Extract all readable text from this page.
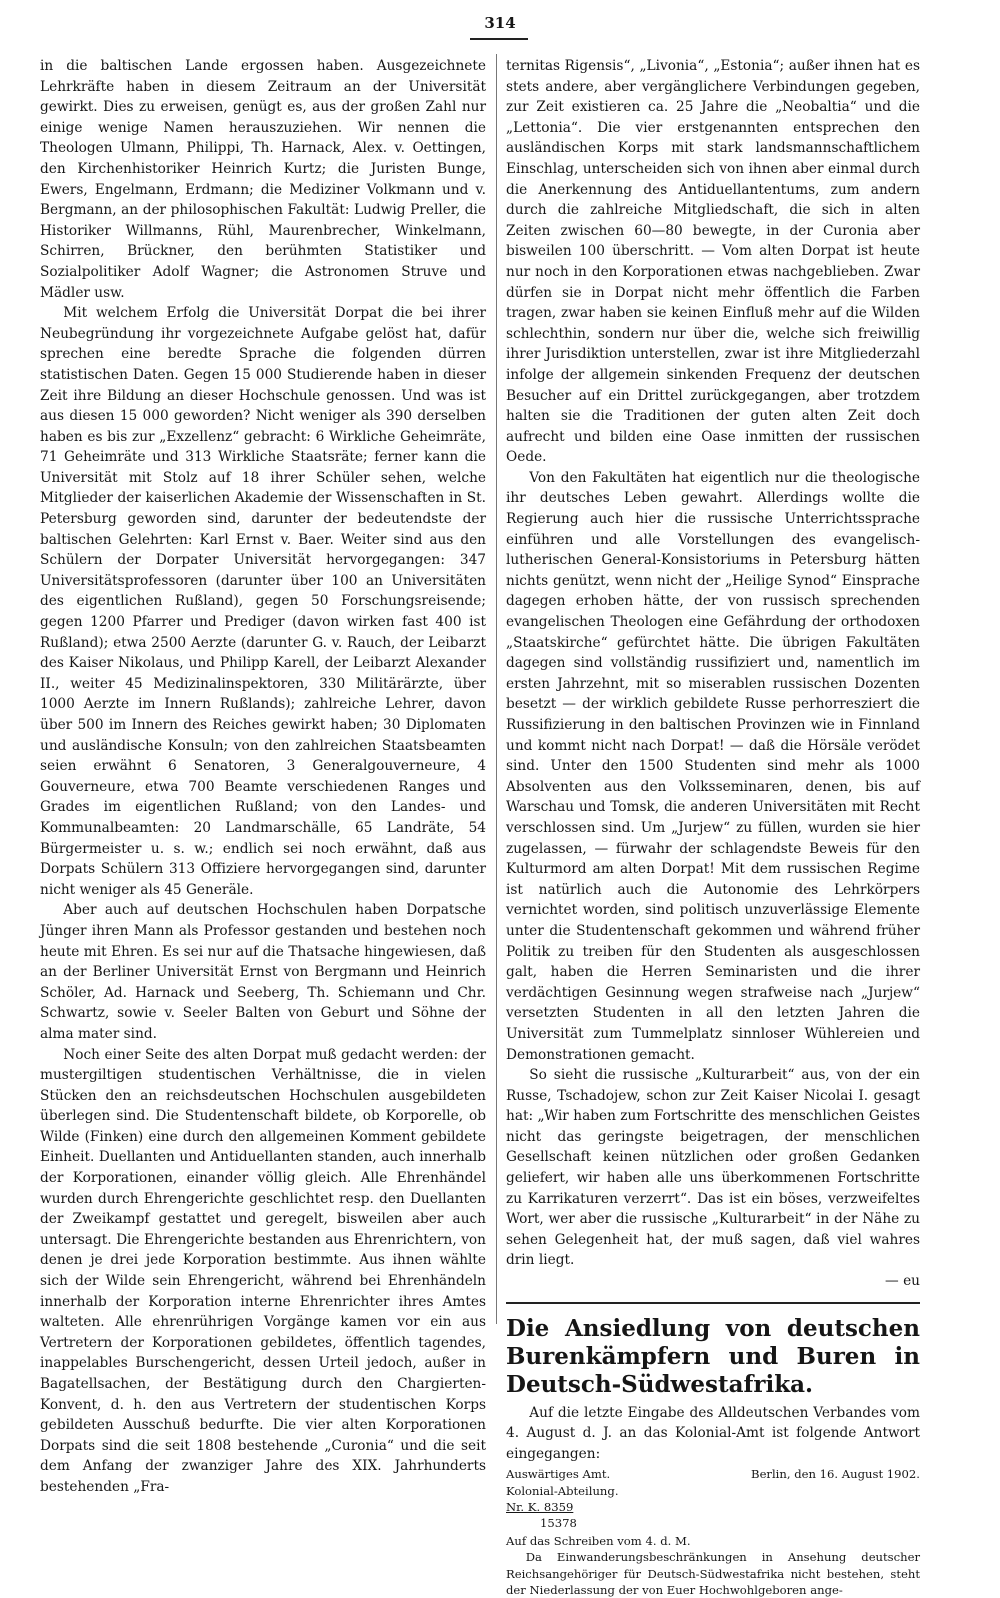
314

in die baltischen Lande ergossen haben. Ausgezeichnete Lehrkräfte haben in diesem Zeitraum an der Universität gewirkt. Dies zu erweisen, genügt es, aus der großen Zahl nur einige wenige Namen herauszuziehen. Wir nennen die Theologen Ulmann, Philippi, Th. Harnack, Alex. v. Oettingen, den Kirchenhistoriker Heinrich Kurtz; die Juristen Bunge, Ewers, Engelmann, Erdmann; die Mediziner Volkmann und v. Bergmann, an der philosophischen Fakultät: Ludwig Preller, die Historiker Willmanns, Rühl, Maurenbrecher, Winkelmann, Schirren, Brückner, den berühmten Statistiker und Sozialpolitiker Adolf Wagner; die Astronomen Struve und Mädler usw.

Mit welchem Erfolg die Universität Dorpat die bei ihrer Neubegründung ihr vorgezeichnete Aufgabe gelöst hat, dafür sprechen eine beredte Sprache die folgenden dürren statistischen Daten. Gegen 15 000 Studierende haben in dieser Zeit ihre Bildung an dieser Hochschule genossen. Und was ist aus diesen 15 000 geworden? Nicht weniger als 390 derselben haben es bis zur „Exzellenz“ gebracht: 6 Wirkliche Geheimräte, 71 Geheimräte und 313 Wirkliche Staatsräte; ferner kann die Universität mit Stolz auf 18 ihrer Schüler sehen, welche Mitglieder der kaiserlichen Akademie der Wissenschaften in St. Petersburg geworden sind, darunter der bedeutendste der baltischen Gelehrten: Karl Ernst v. Baer. Weiter sind aus den Schülern der Dorpater Universität hervorgegangen: 347 Universitätsprofessoren (darunter über 100 an Universitäten des eigentlichen Rußland), gegen 50 Forschungsreisende; gegen 1200 Pfarrer und Prediger (davon wirken fast 400 ist Rußland); etwa 2500 Aerzte (darunter G. v. Rauch, der Leibarzt des Kaiser Nikolaus, und Philipp Karell, der Leibarzt Alexander II., weiter 45 Medizinalinspektoren, 330 Militärärzte, über 1000 Aerzte im Innern Rußlands); zahlreiche Lehrer, davon über 500 im Innern des Reiches gewirkt haben; 30 Diplomaten und ausländische Konsuln; von den zahlreichen Staatsbeamten seien erwähnt 6 Senatoren, 3 Generalgouverneure, 4 Gouverneure, etwa 700 Beamte verschiedenen Ranges und Grades im eigentlichen Rußland; von den Landes- und Kommunalbeamten: 20 Landmarschälle, 65 Landräte, 54 Bürgermeister u. s. w.; endlich sei noch erwähnt, daß aus Dorpats Schülern 313 Offiziere hervorgegangen sind, darunter nicht weniger als 45 Generäle.

Aber auch auf deutschen Hochschulen haben Dorpatsche Jünger ihren Mann als Professor gestanden und bestehen noch heute mit Ehren. Es sei nur auf die Thatsache hingewiesen, daß an der Berliner Universität Ernst von Bergmann und Heinrich Schöler, Ad. Harnack und Seeberg, Th. Schiemann und Chr. Schwartz, sowie v. Seeler Balten von Geburt und Söhne der alma mater sind.

Noch einer Seite des alten Dorpat muß gedacht werden: der mustergiltigen studentischen Verhältnisse, die in vielen Stücken den an reichsdeutschen Hochschulen ausgebildeten überlegen sind. Die Studentenschaft bildete, ob Korporelle, ob Wilde (Finken) eine durch den allgemeinen Komment gebildete Einheit. Duellanten und Antiduellanten standen, auch innerhalb der Korporationen, einander völlig gleich. Alle Ehrenhändel wurden durch Ehrengerichte geschlichtet resp. den Duellanten der Zweikampf gestattet und geregelt, bisweilen aber auch untersagt. Die Ehrengerichte bestanden aus Ehrenrichtern, von denen je drei jede Korporation bestimmte. Aus ihnen wählte sich der Wilde sein Ehrengericht, während bei Ehrenhändeln innerhalb der Korporation interne Ehrenrichter ihres Amtes walteten. Alle ehrenrührigen Vorgänge kamen vor ein aus Vertretern der Korporationen gebildetes, öffentlich tagendes, inappelables Burschengericht, dessen Urteil jedoch, außer in Bagatellsachen, der Bestätigung durch den Chargierten-Konvent, d. h. den aus Vertretern der studentischen Korps gebildeten Ausschuß bedurfte. Die vier alten Korporationen Dorpats sind die seit 1808 bestehende „Curonia“ und die seit dem Anfang der zwanziger Jahre des XIX. Jahrhunderts bestehenden „Fra-

ternitas Rigensis“, „Livonia“, „Estonia“; außer ihnen hat es stets andere, aber vergänglichere Verbindungen gegeben, zur Zeit existieren ca. 25 Jahre die „Neobaltia“ und die „Lettonia“. Die vier erstgenannten entsprechen den ausländischen Korps mit stark landsmannschaftlichem Einschlag, unterscheiden sich von ihnen aber einmal durch die Anerkennung des Antiduellantentums, zum andern durch die zahlreiche Mitgliedschaft, die sich in alten Zeiten zwischen 60—80 bewegte, in der Curonia aber bisweilen 100 überschritt. — Vom alten Dorpat ist heute nur noch in den Korporationen etwas nachgeblieben. Zwar dürfen sie in Dorpat nicht mehr öffentlich die Farben tragen, zwar haben sie keinen Einfluß mehr auf die Wilden schlechthin, sondern nur über die, welche sich freiwillig ihrer Jurisdiktion unterstellen, zwar ist ihre Mitgliederzahl infolge der allgemein sinkenden Frequenz der deutschen Besucher auf ein Drittel zurückgegangen, aber trotzdem halten sie die Traditionen der guten alten Zeit doch aufrecht und bilden eine Oase inmitten der russischen Oede.

Von den Fakultäten hat eigentlich nur die theologische ihr deutsches Leben gewahrt. Allerdings wollte die Regierung auch hier die russische Unterrichtssprache einführen und alle Vorstellungen des evangelisch-lutherischen General-Konsistoriums in Petersburg hätten nichts genützt, wenn nicht der „Heilige Synod“ Einsprache dagegen erhoben hätte, der von russisch sprechenden evangelischen Theologen eine Gefährdung der orthodoxen „Staatskirche“ gefürchtet hätte. Die übrigen Fakultäten dagegen sind vollständig russifiziert und, namentlich im ersten Jahrzehnt, mit so miserablen russischen Dozenten besetzt — der wirklich gebildete Russe perhorresziert die Russifizierung in den baltischen Provinzen wie in Finnland und kommt nicht nach Dorpat! — daß die Hörsäle verödet sind. Unter den 1500 Studenten sind mehr als 1000 Absolventen aus den Volksseminaren, denen, bis auf Warschau und Tomsk, die anderen Universitäten mit Recht verschlossen sind. Um „Jurjew“ zu füllen, wurden sie hier zugelassen, — fürwahr der schlagendste Beweis für den Kulturmord am alten Dorpat! Mit dem russischen Regime ist natürlich auch die Autonomie des Lehrkörpers vernichtet worden, sind politisch unzuverlässige Elemente unter die Studentenschaft gekommen und während früher Politik zu treiben für den Studenten als ausgeschlossen galt, haben die Herren Seminaristen und die ihrer verdächtigen Gesinnung wegen strafweise nach „Jurjew“ versetzten Studenten in all den letzten Jahren die Universität zum Tummelplatz sinnloser Wühlereien und Demonstrationen gemacht.

So sieht die russische „Kulturarbeit“ aus, von der ein Russe, Tschadojew, schon zur Zeit Kaiser Nicolai I. gesagt hat: „Wir haben zum Fortschritte des menschlichen Geistes nicht das geringste beigetragen, der menschlichen Gesellschaft keinen nützlichen oder großen Gedanken geliefert, wir haben alle uns überkommenen Fortschritte zu Karrikaturen verzerrt“. Das ist ein böses, verzweifeltes Wort, wer aber die russische „Kulturarbeit“ in der Nähe zu sehen Gelegenheit hat, der muß sagen, daß viel wahres drin liegt.

— eu

Die Ansiedlung von deutschen Burenkämpfern und Buren in Deutsch-Südwestafrika.

Auf die letzte Eingabe des Alldeutschen Verbandes vom 4. August d. J. an das Kolonial-Amt ist folgende Antwort eingegangen:

Auswärtiges Amt.
Kolonial-Abteilung.
Nr. K. 8359
15378
Berlin, den 16. August 1902.
Auf das Schreiben vom 4. d. M.

Da Einwanderungsbeschränkungen in Ansehung deutscher Reichsangehöriger für Deutsch-Südwestafrika nicht bestehen, steht der Niederlassung der von Euer Hochwohlgeboren ange-
